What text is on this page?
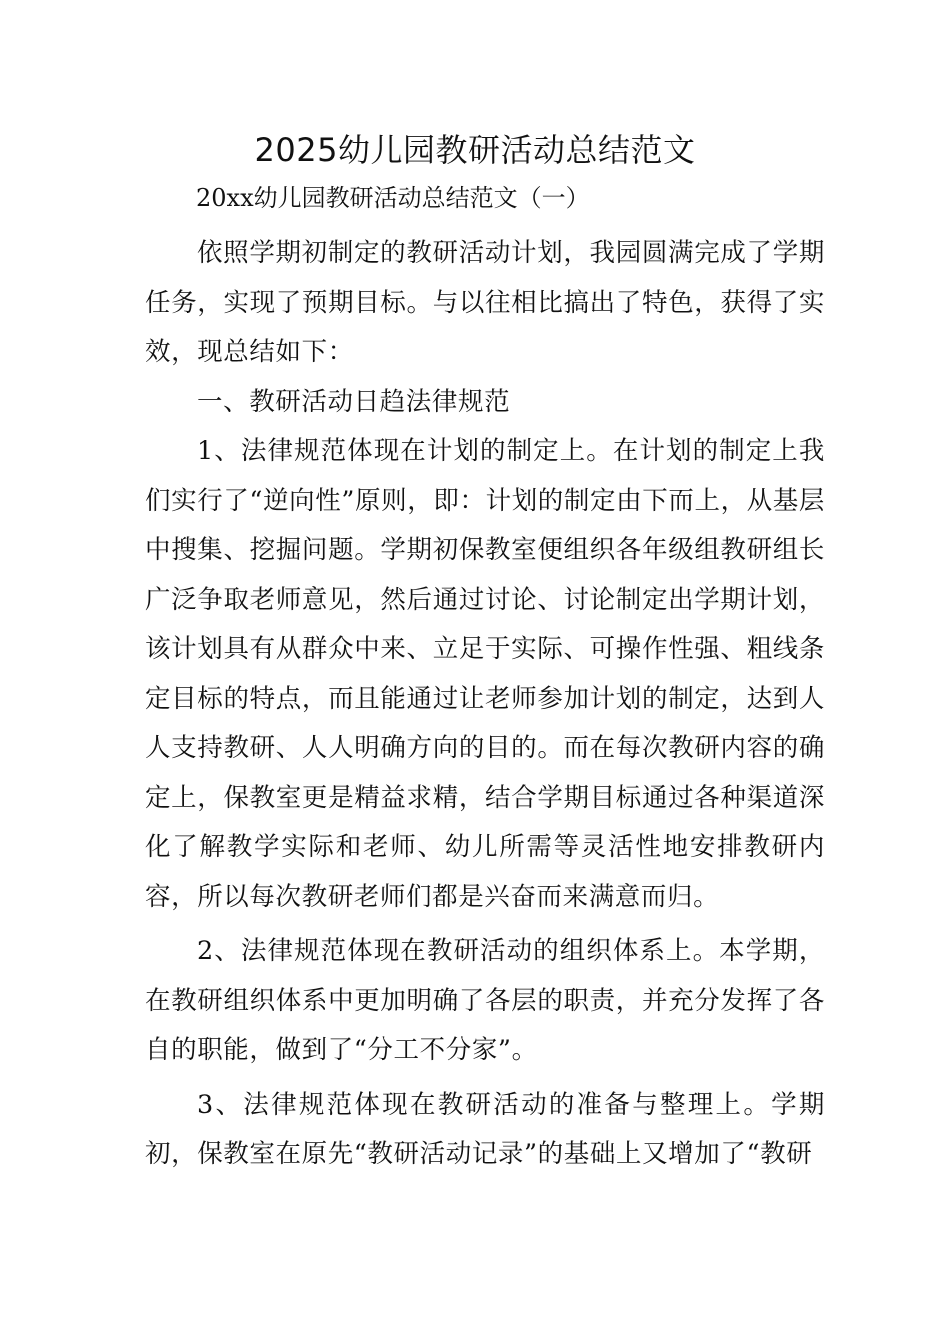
2025幼儿园教研活动总结范文

20xx幼儿园教研活动总结范文（一）

依照学期初制定的教研活动计划，我园圆满完成了学期任务，实现了预期目标。与以往相比搞出了特色，获得了实效，现总结如下：

一、教研活动日趋法律规范

1、法律规范体现在计划的制定上。在计划的制定上我们实行了“逆向性”原则，即：计划的制定由下而上，从基层中搜集、挖掘问题。学期初保教室便组织各年级组教研组长广泛争取老师意见，然后通过讨论、讨论制定出学期计划，该计划具有从群众中来、立足于实际、可操作性强、粗线条定目标的特点，而且能通过让老师参加计划的制定，达到人人支持教研、人人明确方向的目的。而在每次教研内容的确定上，保教室更是精益求精，结合学期目标通过各种渠道深化了解教学实际和老师、幼儿所需等灵活性地安排教研内容，所以每次教研老师们都是兴奋而来满意而归。

2、法律规范体现在教研活动的组织体系上。本学期，在教研组织体系中更加明确了各层的职责，并充分发挥了各自的职能，做到了“分工不分家”。

3、法律规范体现在教研活动的准备与整理上。学期初，保教室在原先“教研活动记录”的基础上又增加了“教研
